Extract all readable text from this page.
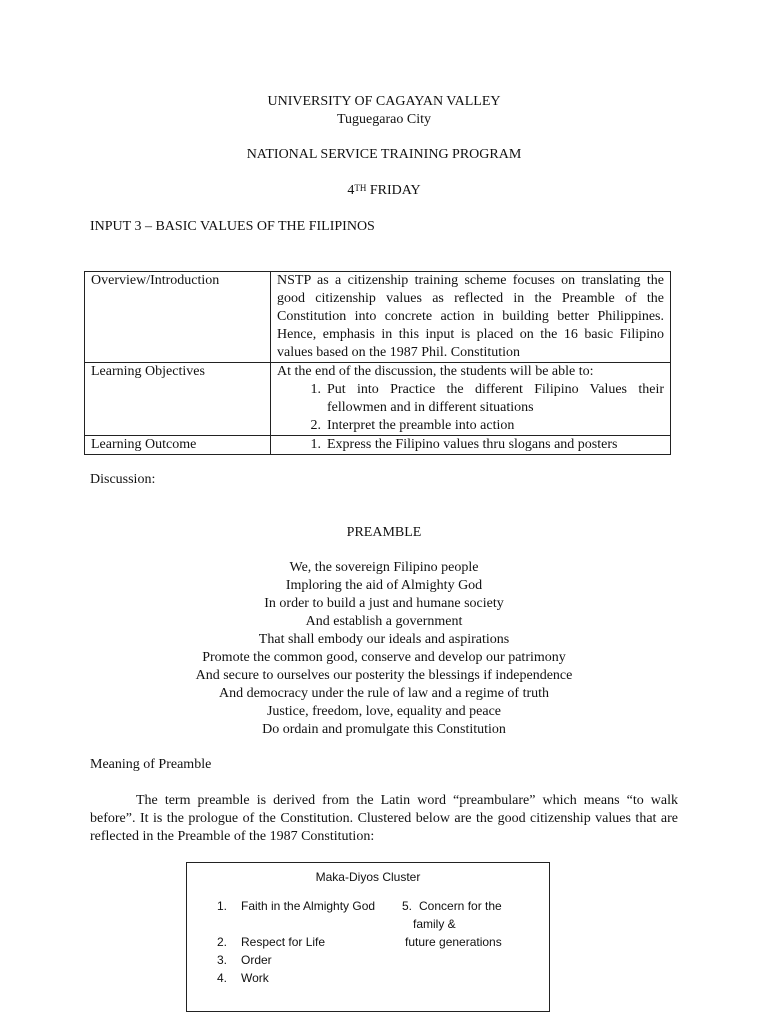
UNIVERSITY OF CAGAYAN VALLEY
Tuguegarao City
NATIONAL SERVICE TRAINING PROGRAM
4TH FRIDAY
INPUT 3 – BASIC VALUES OF THE FILIPINOS
Overview/Introduction	NSTP as a citizenship training scheme focuses on translating the good citizenship values as reflected in the Preamble of the Constitution into concrete action in building better Philippines. Hence, emphasis in this input is placed on the 16 basic Filipino values based on the 1987 Phil. Constitution
Learning Objectives	At the end of the discussion, the students will be able to:
1. Put into Practice the different Filipino Values their fellowmen and in different situations
2. Interpret the preamble into action

Learning Outcome	1. Express the Filipino values thru slogans and posters
Discussion:
PREAMBLE
We, the sovereign Filipino people
Imploring the aid of Almighty God
In order to build a just and humane society
And establish a government
That shall embody our ideals and aspirations
Promote the common good, conserve and develop our patrimony
And secure to ourselves our posterity the blessings if independence
And democracy under the rule of law and a regime of truth
Justice, freedom, love, equality and peace
Do ordain and promulgate this Constitution
Meaning of Preamble
The term preamble is derived from the Latin word “preambulare” which means “to walk before”. It is the prologue of the Constitution. Clustered below are the good citizenship values that are reflected in the Preamble of the 1987 Constitution:
Maka-Diyos Cluster
1. Faith in the Almighty God
2. Respect for Life
3. Order
4. Work
5. Concern for the
family &
future generations
